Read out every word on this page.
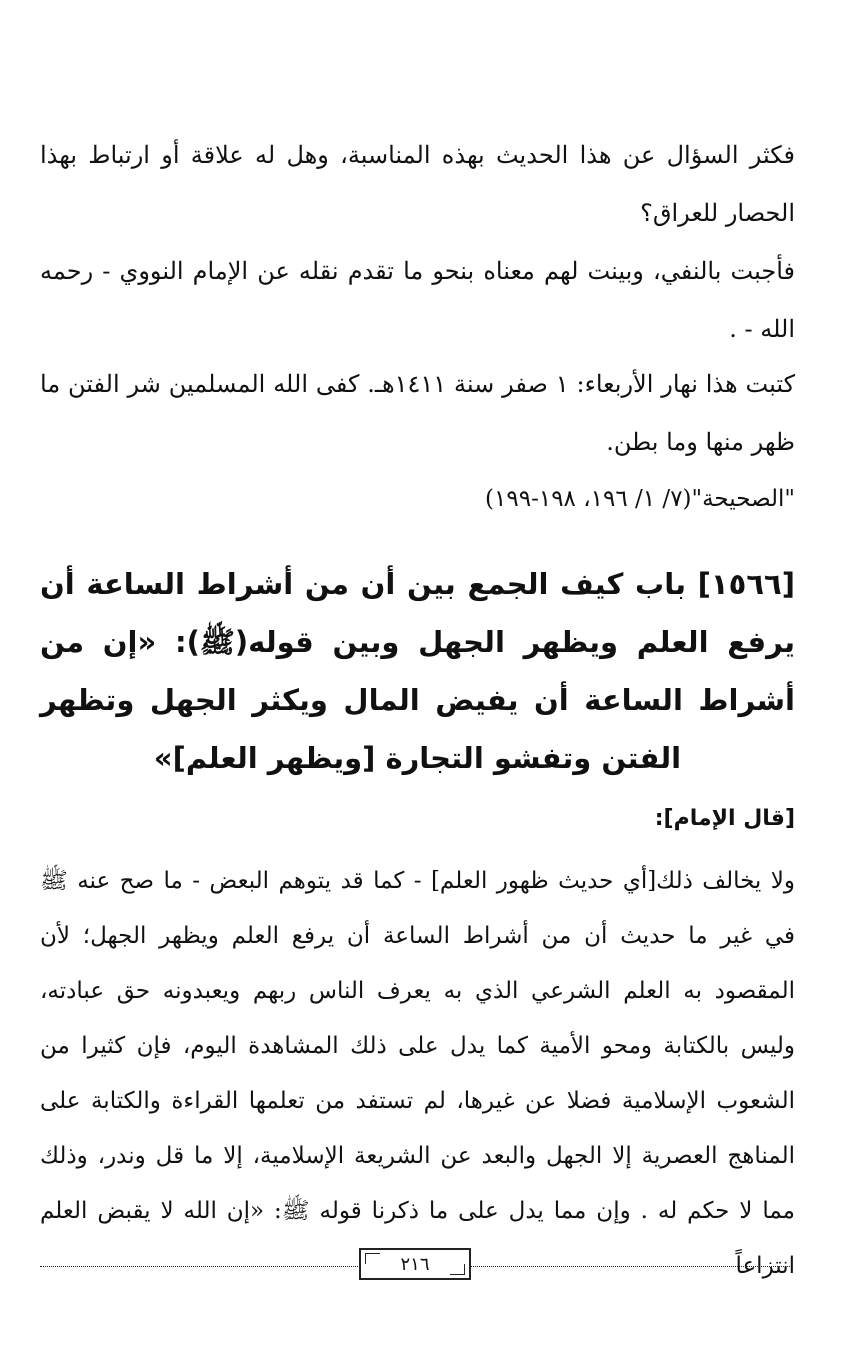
فكثر السؤال عن هذا الحديث بهذه المناسبة، وهل له علاقة أو ارتباط بهذا الحصار للعراق؟

فأجبت بالنفي، وبينت لهم معناه بنحو ما تقدم نقله عن الإمام النووي - رحمه الله - .

كتبت هذا نهار الأربعاء: ١ صفر سنة ١٤١١هـ. كفى الله المسلمين شر الفتن ما ظهر منها وما بطن.

"الصحيحة"(٧/ ١/ ١٩٦، ١٩٨-١٩٩)

[١٥٦٦] باب كيف الجمع بين أن من أشراط الساعة أن يرفع العلم ويظهر الجهل وبين قوله(ﷺ): «إن من أشراط الساعة أن يفيض المال ويكثر الجهل وتظهر الفتن وتفشو التجارة [ويظهر العلم]»

[قال الإمام]:

ولا يخالف ذلك[أي حديث ظهور العلم] - كما قد يتوهم البعض - ما صح عنه ﷺ في غير ما حديث أن من أشراط الساعة أن يرفع العلم ويظهر الجهل؛ لأن المقصود به العلم الشرعي الذي به يعرف الناس ربهم ويعبدونه حق عبادته، وليس بالكتابة ومحو الأمية كما يدل على ذلك المشاهدة اليوم، فإن كثيرا من الشعوب الإسلامية فضلا عن غيرها، لم تستفد من تعلمها القراءة والكتابة على المناهج العصرية إلا الجهل والبعد عن الشريعة الإسلامية، إلا ما قل وندر، وذلك مما لا حكم له . وإن مما يدل على ما ذكرنا قوله ﷺ: «إن الله لا يقبض العلم انتزاعاً

٢١٦
